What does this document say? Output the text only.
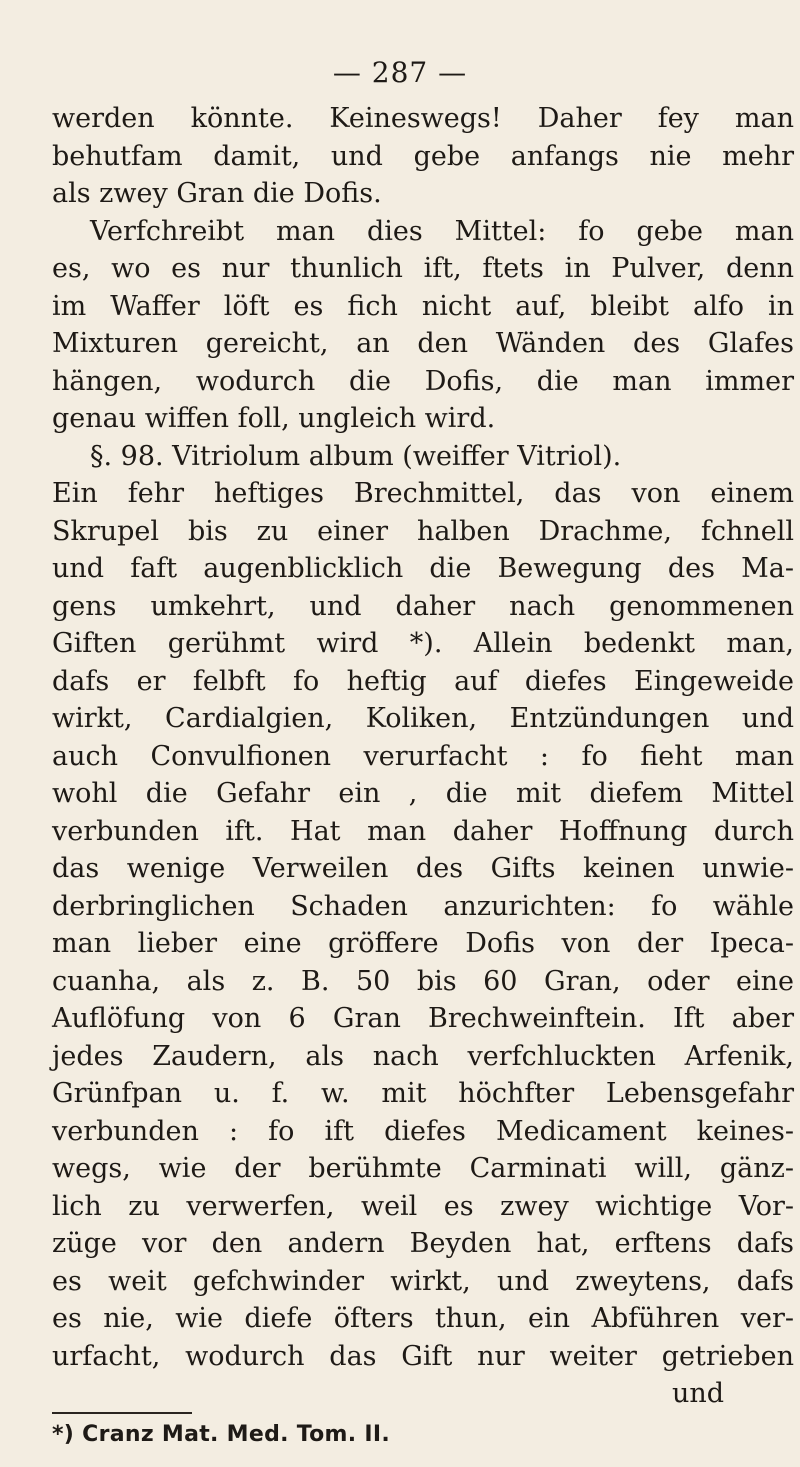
— 287 —
werden könnte. Keineswegs! Daher fey man
behutfam damit, und gebe anfangs nie mehr
als zwey Gran die Dofis.
Verfchreibt man dies Mittel: fo gebe man
es, wo es nur thunlich ift, ftets in Pulver, denn
im Waffer löft es fich nicht auf, bleibt alfo in
Mixturen gereicht, an den Wänden des Glafes
hängen, wodurch die Dofis, die man immer
genau wiffen foll, ungleich wird.
§. 98. Vitriolum album (weiffer Vitriol).
Ein fehr heftiges Brechmittel, das von einem
Skrupel bis zu einer halben Drachme, fchnell
und faft augenblicklich die Bewegung des Ma-
gens umkehrt, und daher nach genommenen
Giften gerühmt wird *). Allein bedenkt man,
dafs er felbft fo heftig auf diefes Eingeweide
wirkt, Cardialgien, Koliken, Entzündungen und
auch Convulfionen verurfacht : fo fieht man
wohl die Gefahr ein , die mit diefem Mittel
verbunden ift. Hat man daher Hoffnung durch
das wenige Verweilen des Gifts keinen unwie-
derbringlichen Schaden anzurichten: fo wähle
man lieber eine gröffere Dofis von der Ipeca-
cuanha, als z. B. 50 bis 60 Gran, oder eine
Auflöfung von 6 Gran Brechweinftein. Ift aber
jedes Zaudern, als nach verfchluckten Arfenik,
Grünfpan u. f. w. mit höchfter Lebensgefahr
verbunden : fo ift diefes Medicament keines-
wegs, wie der berühmte Carminati will, gänz-
lich zu verwerfen, weil es zwey wichtige Vor-
züge vor den andern Beyden hat, erftens dafs
es weit gefchwinder wirkt, und zweytens, dafs
es nie, wie diefe öfters thun, ein Abführen ver-
urfacht, wodurch das Gift nur weiter getrieben
und
*) Cranz Mat. Med. Tom. II.
